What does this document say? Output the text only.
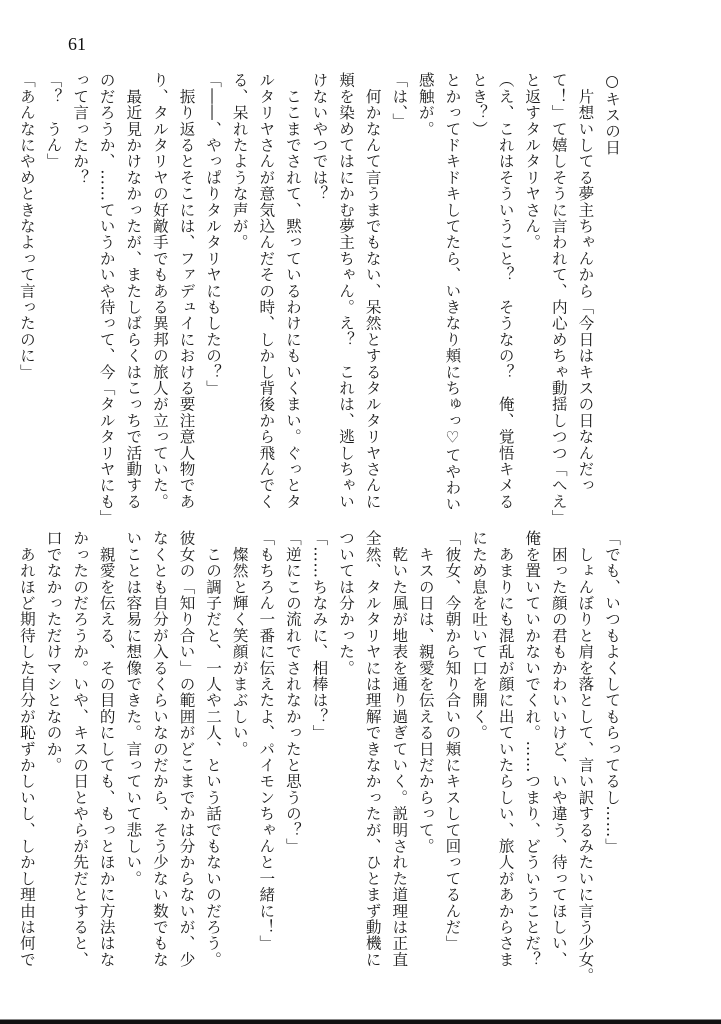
61
○キスの日
　片想いしてる夢主ちゃんから「今日はキスの日なんだっ
て！」て嬉しそうに言われて、内心めちゃ動揺しつつ「へえ」
と返すタルタリヤさん。
（え、これはそういうこと？　そうなの？　俺、覚悟キメる
とき？）
とかってドキドキしてたら、いきなり頬にちゅっ♡てやわい
感触が。
「は、」
　何かなんて言うまでもない、呆然とするタルタリヤさんに
頬を染めてはにかむ夢主ちゃん。え？　これは、逃しちゃい
けないやつでは？
　ここまでされて、黙っているわけにもいくまい。ぐっとタ
ルタリヤさんが意気込んだその時、しかし背後から飛んでく
る、呆れたような声が。
「――、やっぱりタルタリヤにもしたの？」
　振り返るとそこには、ファデュイにおける要注意人物であ
り、タルタリヤの好敵手でもある異邦の旅人が立っていた。
　最近見かけなかったが、またしばらくはこっちで活動する
のだろうか、……ていうかいや待って、今「タルタリヤにも」
って言ったか？
「？　うん」
「あんなにやめときなよって言ったのに」
「でも、いつもよくしてもらってるし……」
　しょんぼりと肩を落として、言い訳するみたいに言う少女。
　困った顔の君もかわいいけど、いや違う、待ってほしい、
俺を置いていかないでくれ。……つまり、どういうことだ？
　あまりにも混乱が顔に出ていたらしい、旅人があからさま
にため息を吐いて口を開く。
「彼女、今朝から知り合いの頬にキスして回ってるんだ」
　キスの日は、親愛を伝える日だからって。
　乾いた風が地表を通り過ぎていく。説明された道理は正直
全然、タルタリヤには理解できなかったが、ひとまず動機に
ついては分かった。
「……ちなみに、相棒は？」
「逆にこの流れでされなかったと思うの？」
「もちろん一番に伝えたよ、パイモンちゃんと一緒に！」
　燦然と輝く笑顔がまぶしい。
　この調子だと、一人や二人、という話でもないのだろう。
彼女の「知り合い」の範囲がどこまでかは分からないが、少
なくとも自分が入るくらいなのだから、そう少ない数でもな
いことは容易に想像できた。言っていて悲しい。
　親愛を伝える、その目的にしても、もっとほかに方法はな
かったのだろうか。いや、キスの日とやらが先だとすると、
口でなかっただけマシとなのか。
　あれほど期待した自分が恥ずかしいし、しかし理由は何で
